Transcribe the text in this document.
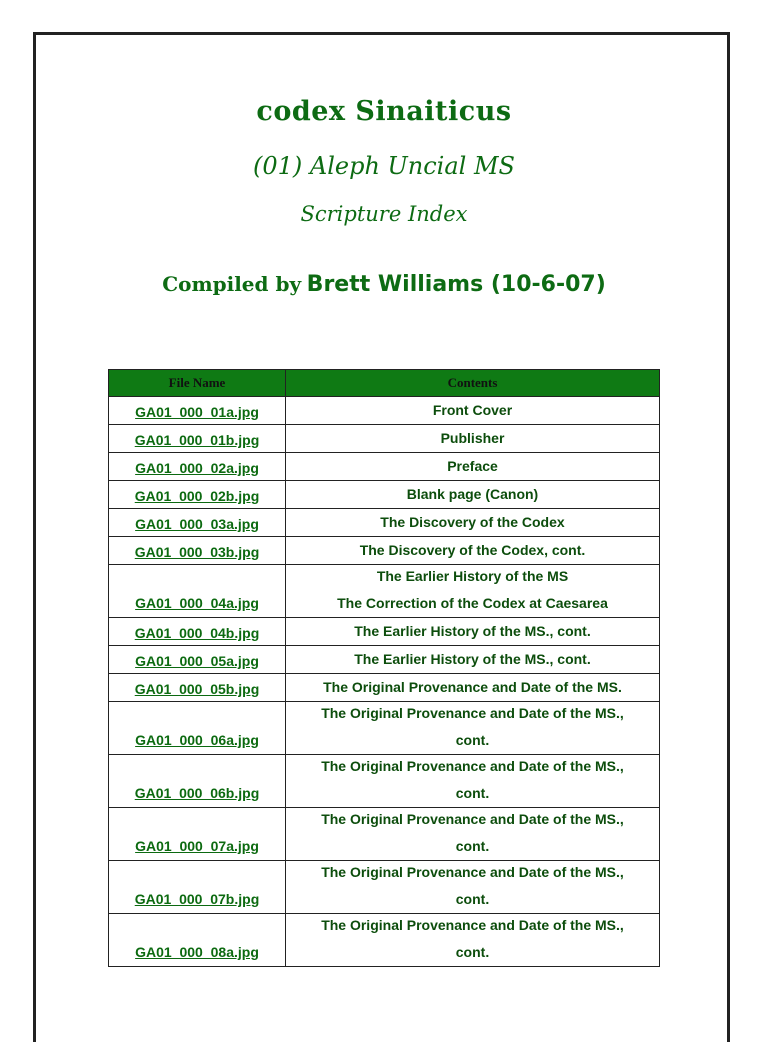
codex Sinaiticus
(01) Aleph Uncial MS
Scripture Index
Compiled by Brett Williams (10-6-07)
File Name	Contents
GA01_000_01a.jpg	Front Cover

GA01_000_01b.jpg	Publisher

GA01_000_02a.jpg	Preface

GA01_000_02b.jpg	Blank page (Canon)

GA01_000_03a.jpg	The Discovery of the Codex

GA01_000_03b.jpg	The Discovery of the Codex, cont.

GA01_000_04a.jpg	The Earlier History of the MS
The Correction of the Codex at Caesarea

GA01_000_04b.jpg	The Earlier History of the MS., cont.

GA01_000_05a.jpg	The Earlier History of the MS., cont.

GA01_000_05b.jpg	The Original Provenance and Date of the MS.

GA01_000_06a.jpg	The Original Provenance and Date of the MS.,
cont.

GA01_000_06b.jpg	The Original Provenance and Date of the MS.,
cont.

GA01_000_07a.jpg	The Original Provenance and Date of the MS.,
cont.

GA01_000_07b.jpg	The Original Provenance and Date of the MS.,
cont.

GA01_000_08a.jpg	The Original Provenance and Date of the MS.,
cont.
